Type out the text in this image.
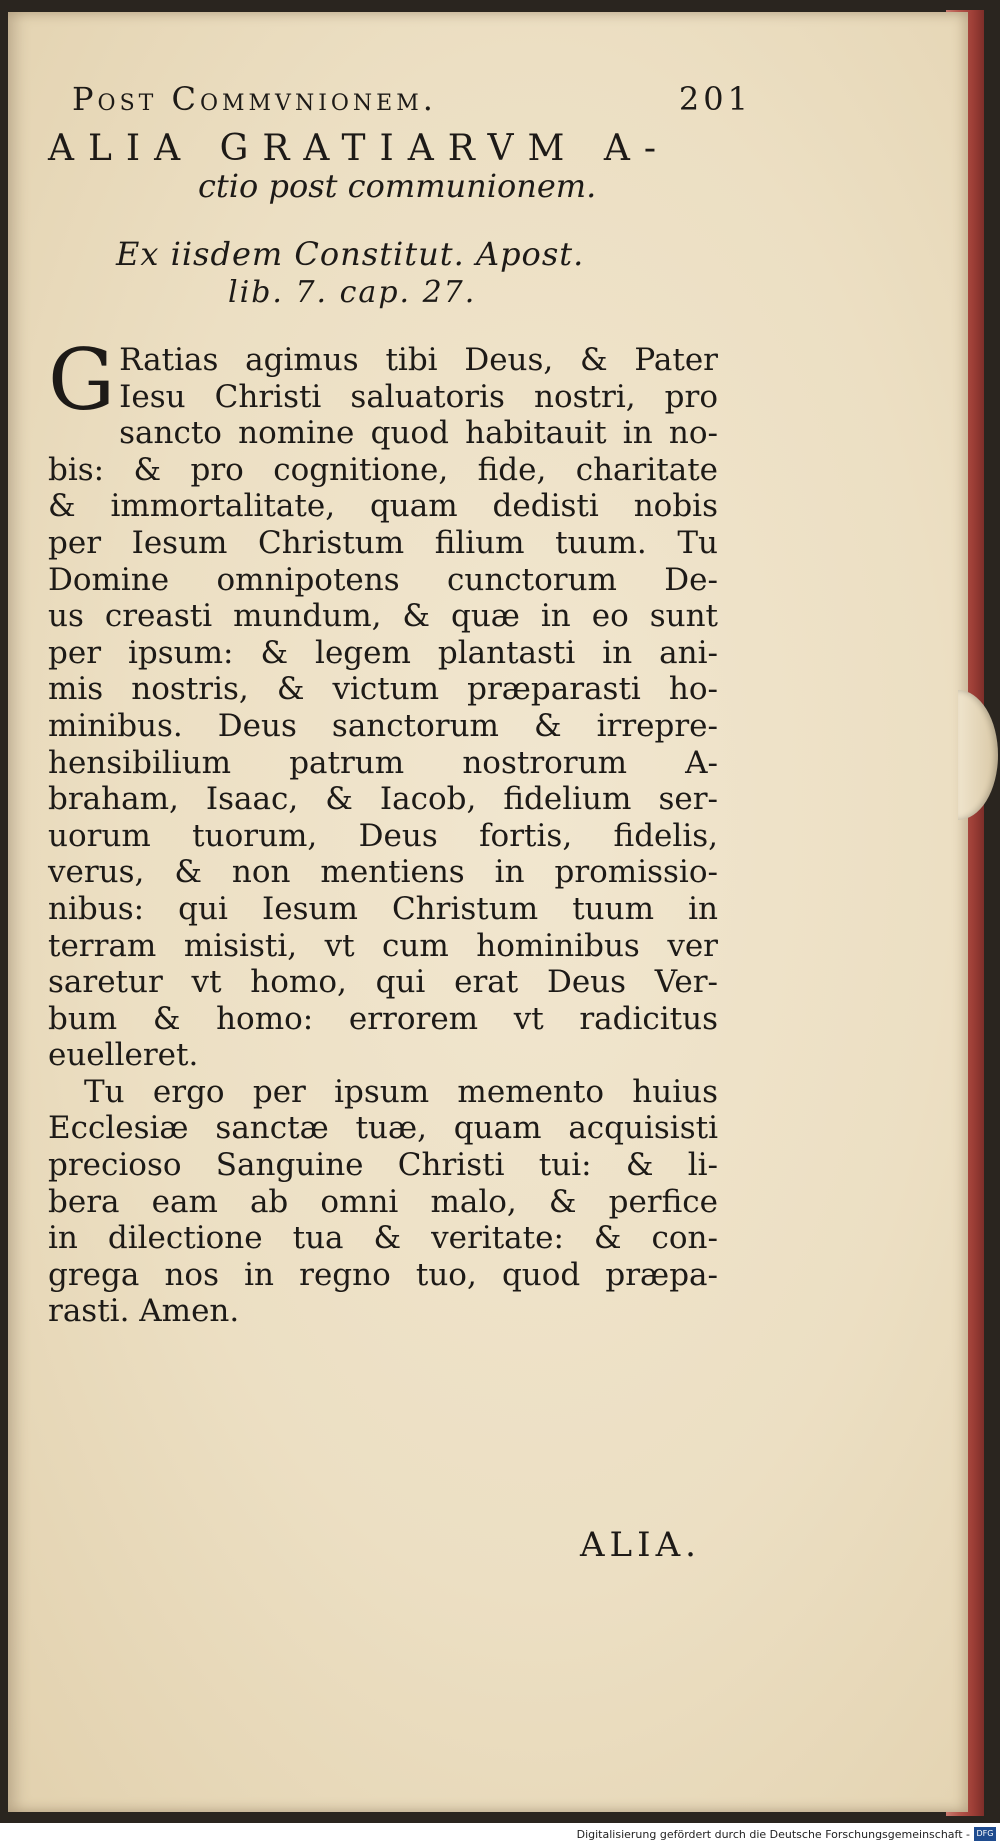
Post Commvnionem.	201
ALIA GRATIARVM A-
ctio post communionem.
Ex iisdem Constitut. Apost.
lib. 7. cap. 27.
G Ratias agimus tibi Deus, & Pater
Iesu Christi saluatoris nostri, pro
sancto nomine quod habitauit in no-
bis: & pro cognitione, fide, charitate
& immortalitate, quam dedisti nobis
per Iesum Christum filium tuum. Tu
Domine omnipotens cunctorum De-
us creasti mundum, & quæ in eo sunt
per ipsum: & legem plantasti in ani-
mis nostris, & victum præparasti ho-
minibus. Deus sanctorum & irrepre-
hensibilium patrum nostrorum A-
braham, Isaac, & Iacob, fidelium ser-
uorum tuorum, Deus fortis, fidelis,
verus, & non mentiens in promissio-
nibus: qui Iesum Christum tuum in
terram misisti, vt cum hominibus ver
saretur vt homo, qui erat Deus Ver-
bum & homo: errorem vt radicitus
euelleret.
Tu ergo per ipsum memento huius
Ecclesiæ sanctæ tuæ, quam acquisisti
precioso Sanguine Christi tui: & li-
bera eam ab omni malo, & perfice
in dilectione tua & veritate: & con-
grega nos in regno tuo, quod præpa-
rasti. Amen.
ALIA.
Digitalisierung gefördert durch die Deutsche Forschungsgemeinschaft - DFG
